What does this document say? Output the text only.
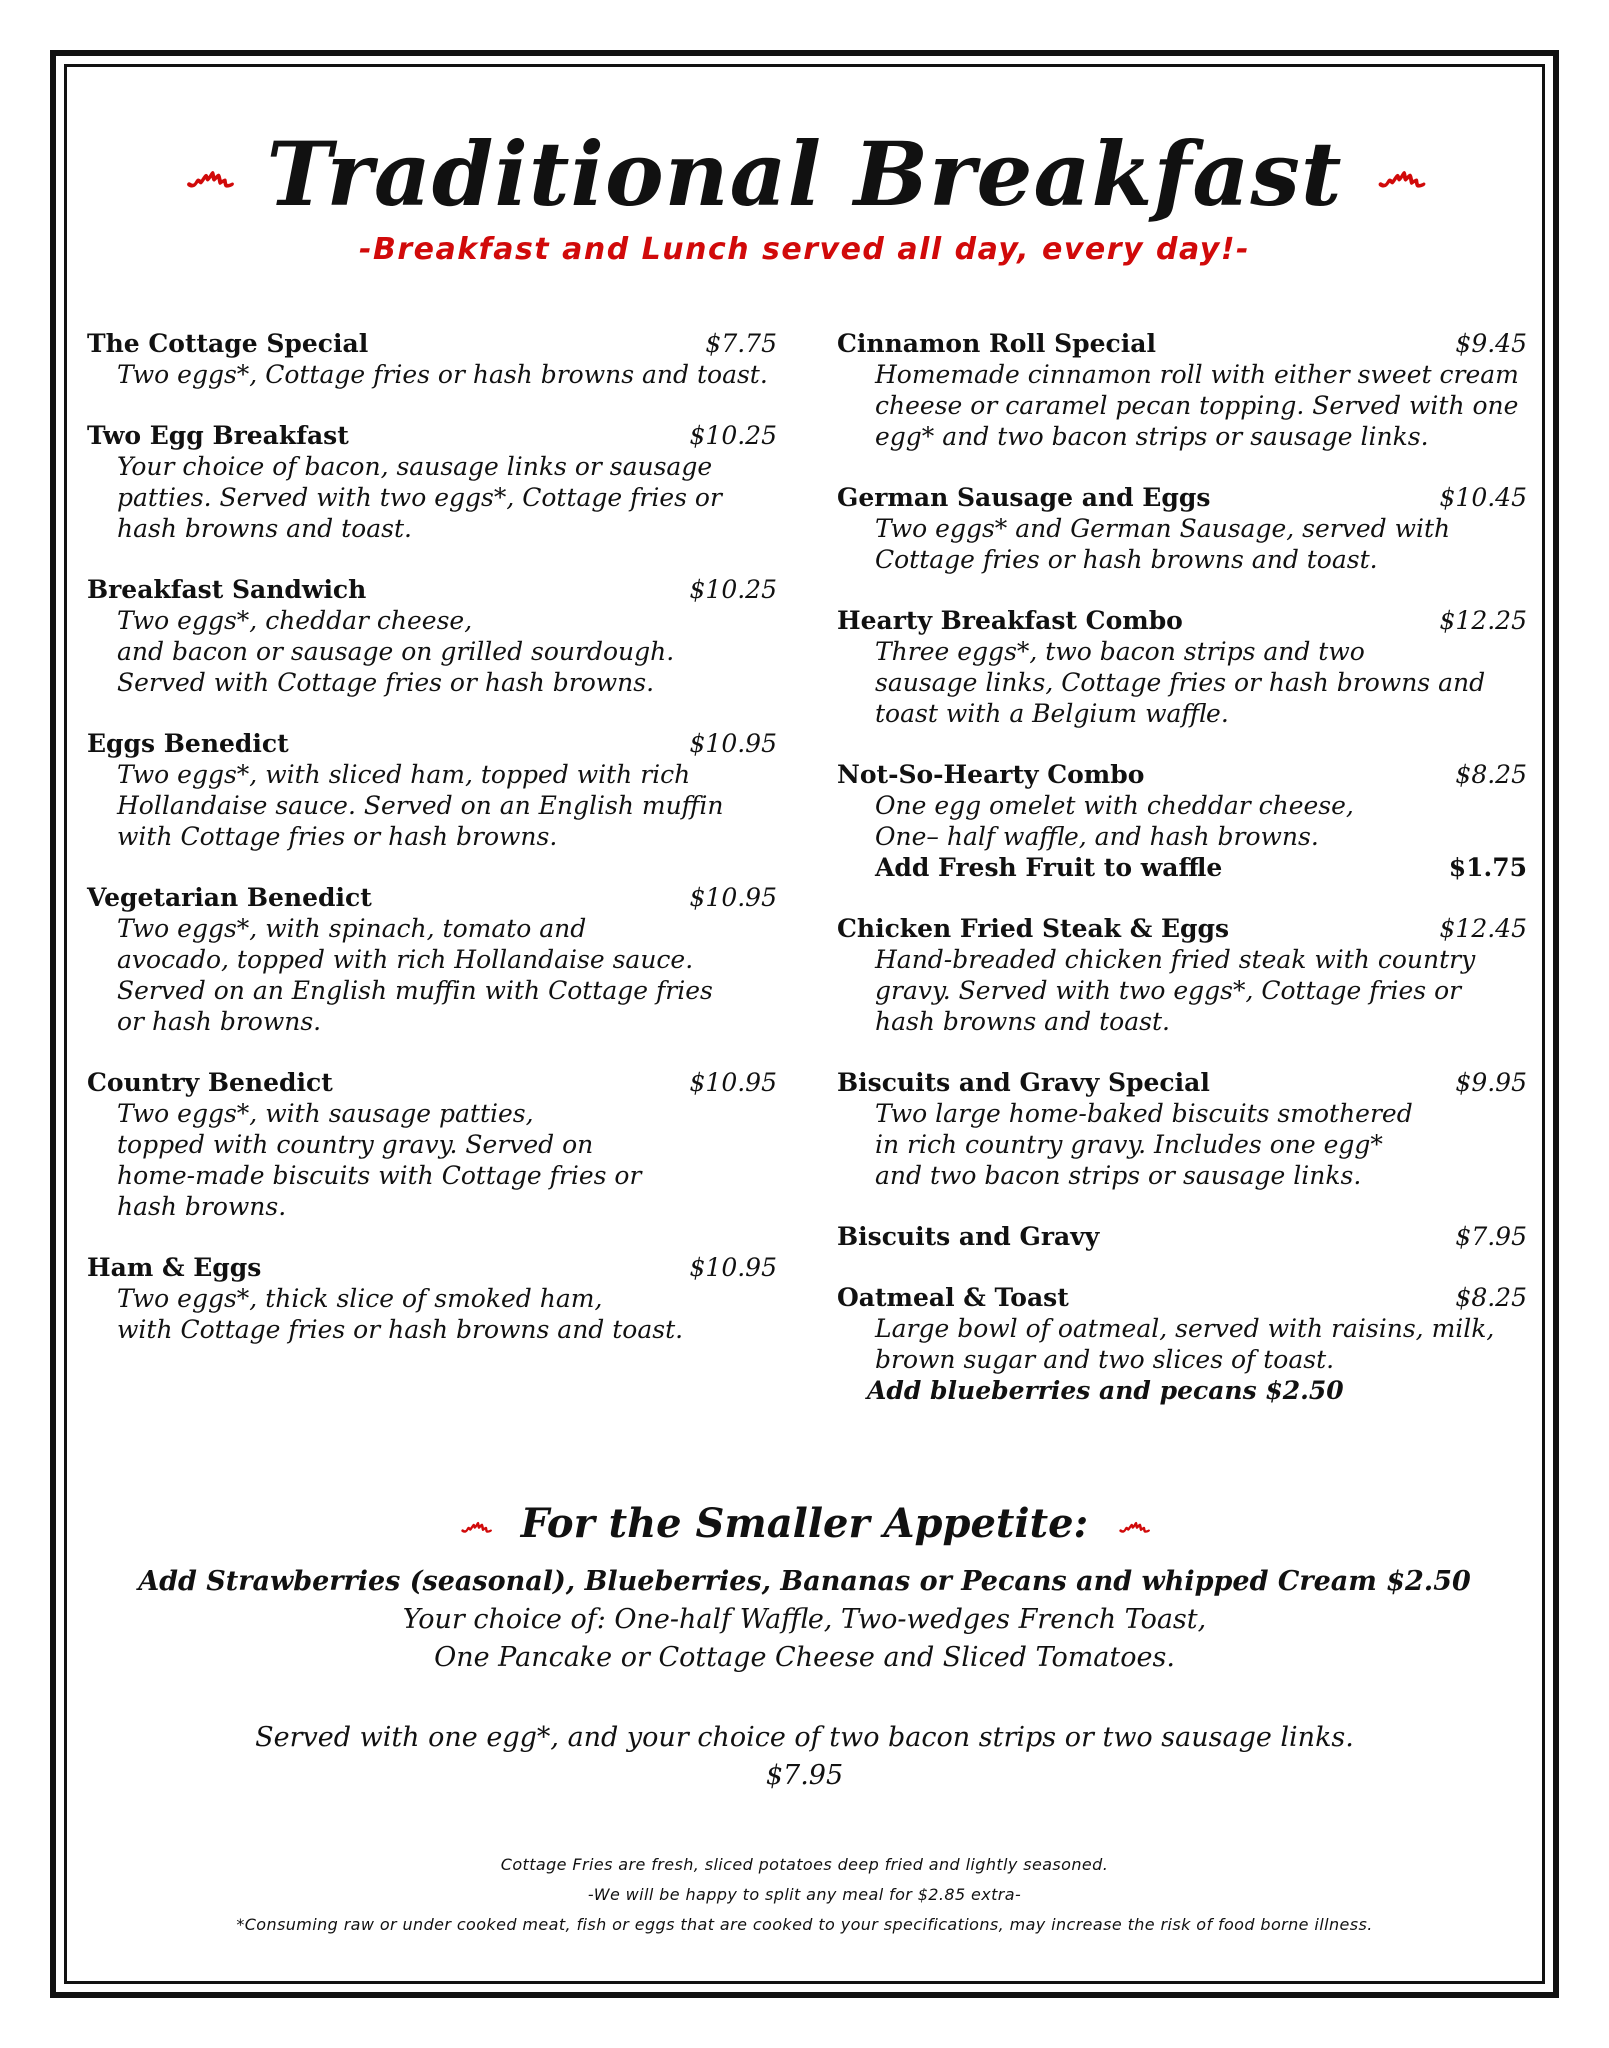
෴ Traditional Breakfast ෴
-Breakfast and Lunch served all day, every day!-
The Cottage Special	$7.75
Two eggs*, Cottage fries or hash browns and toast.
Two Egg Breakfast	$10.25
Your choice of bacon, sausage links or sausage
patties. Served with two eggs*, Cottage fries or
hash browns and toast.
Breakfast Sandwich	$10.25
Two eggs*, cheddar cheese,
and bacon or sausage on grilled sourdough.
Served with Cottage fries or hash browns.
Eggs Benedict	$10.95
Two eggs*, with sliced ham, topped with rich
Hollandaise sauce. Served on an English muffin
with Cottage fries or hash browns.
Vegetarian Benedict	$10.95
Two eggs*, with spinach, tomato and
avocado, topped with rich Hollandaise sauce.
Served on an English muffin with Cottage fries
or hash browns.
Country Benedict	$10.95
Two eggs*, with sausage patties,
topped with country gravy. Served on
home-made biscuits with Cottage fries or
hash browns.
Ham & Eggs	$10.95
Two eggs*, thick slice of smoked ham,
with Cottage fries or hash browns and toast.
Cinnamon Roll Special	$9.45
Homemade cinnamon roll with either sweet cream
cheese or caramel pecan topping. Served with one
egg* and two bacon strips or sausage links.
German Sausage and Eggs	$10.45
Two eggs* and German Sausage, served with
Cottage fries or hash browns and toast.
Hearty Breakfast Combo	$12.25
Three eggs*, two bacon strips and two
sausage links, Cottage fries or hash browns and
toast with a Belgium waffle.
Not-So-Hearty Combo	$8.25
One egg omelet with cheddar cheese,
One– half waffle, and hash browns.
Add Fresh Fruit to waffle	$1.75
Chicken Fried Steak & Eggs	$12.45
Hand-breaded chicken fried steak with country
gravy. Served with two eggs*, Cottage fries or
hash browns and toast.
Biscuits and Gravy Special	$9.95
Two large home-baked biscuits smothered
in rich country gravy. Includes one egg*
and two bacon strips or sausage links.
Biscuits and Gravy	$7.95
Oatmeal & Toast	$8.25
Large bowl of oatmeal, served with raisins, milk,
brown sugar and two slices of toast.
Add blueberries and pecans $2.50
෴ For the Smaller Appetite: ෴
Add Strawberries (seasonal), Blueberries, Bananas or Pecans and whipped Cream $2.50
Your choice of: One-half Waffle, Two-wedges French Toast,
One Pancake or Cottage Cheese and Sliced Tomatoes.
Served with one egg*, and your choice of two bacon strips or two sausage links.
$7.95
Cottage Fries are fresh, sliced potatoes deep fried and lightly seasoned.
-We will be happy to split any meal for $2.85 extra-
*Consuming raw or under cooked meat, fish or eggs that are cooked to your specifications, may increase the risk of food borne illness.
